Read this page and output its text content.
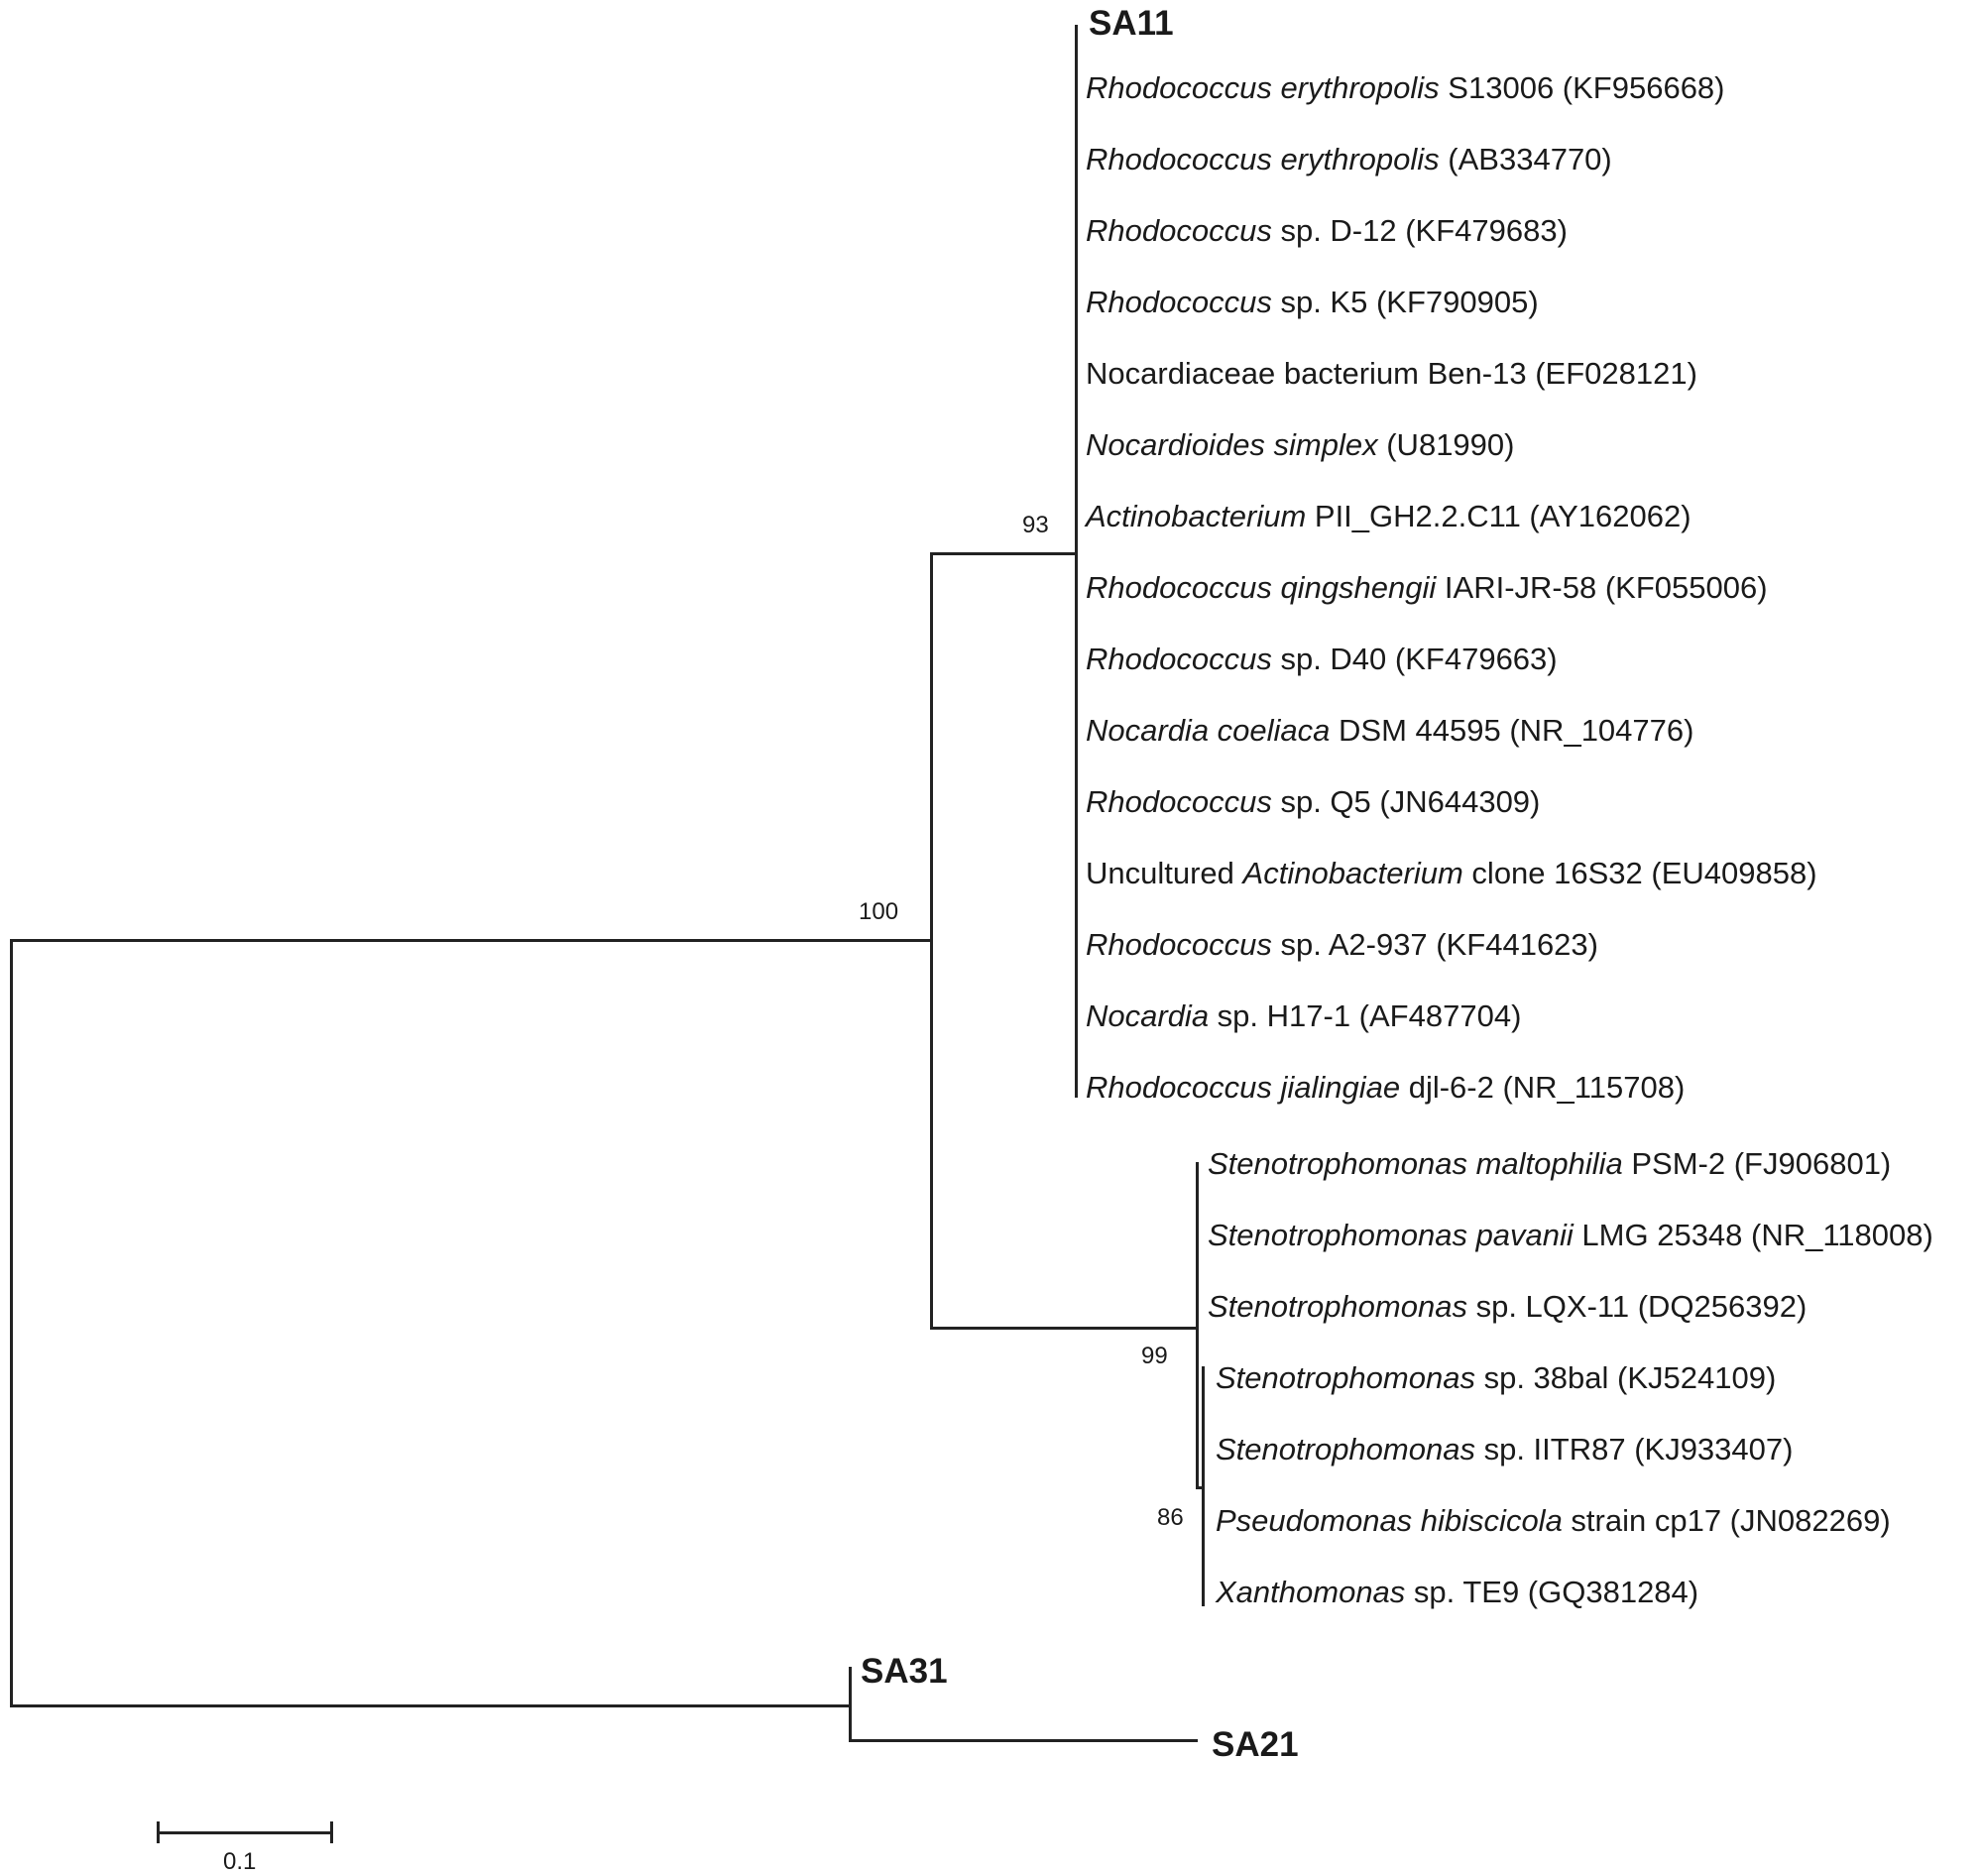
SA11
Rhodococcus erythropolis S13006 (KF956668)
Rhodococcus erythropolis (AB334770)
Rhodococcus sp. D-12 (KF479683)
Rhodococcus sp. K5 (KF790905)
Nocardiaceae bacterium Ben-13 (EF028121)
Nocardioides simplex (U81990)
Actinobacterium PII_GH2.2.C11 (AY162062)
Rhodococcus qingshengii IARI-JR-58 (KF055006)
Rhodococcus sp. D40 (KF479663)
Nocardia coeliaca DSM 44595 (NR_104776)
Rhodococcus sp. Q5 (JN644309)
Uncultured Actinobacterium clone 16S32 (EU409858)
Rhodococcus sp. A2-937 (KF441623)
Nocardia sp. H17-1 (AF487704)
Rhodococcus jialingiae djl-6-2 (NR_115708)
Stenotrophomonas maltophilia PSM-2 (FJ906801)
Stenotrophomonas pavanii LMG 25348 (NR_118008)
Stenotrophomonas sp. LQX-11 (DQ256392)
Stenotrophomonas sp. 38bal (KJ524109)
Stenotrophomonas sp. IITR87 (KJ933407)
Pseudomonas hibiscicola strain cp17 (JN082269)
Xanthomonas sp. TE9 (GQ381284)
SA31
SA21
100
93
99
86
0.1
